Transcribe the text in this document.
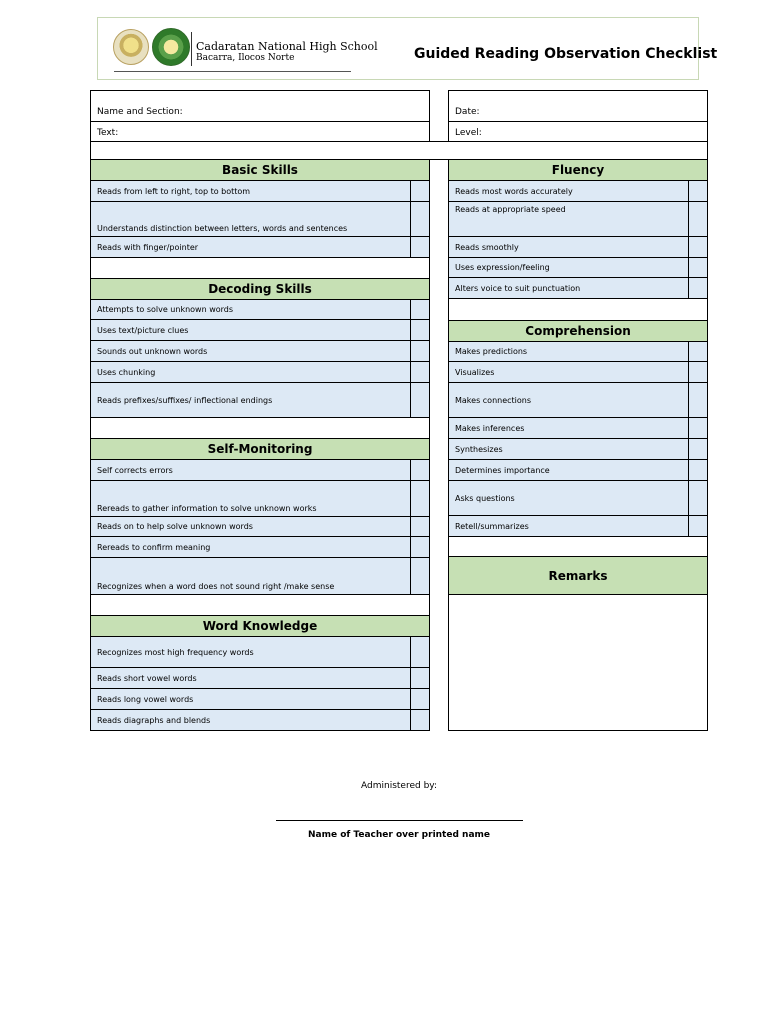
Cadaratan National High School
Bacarra, Ilocos Norte	Guided Reading Observation Checklist
Name and Section:	Date:
Text:	Level:
Basic Skills
Reads from left to right, top to bottom
Understands distinction between letters, words and sentences
Reads with finger/pointer
Decoding Skills
Attempts to solve unknown words
Uses text/picture clues
Sounds out unknown words
Uses chunking
Reads prefixes/suffixes/ inflectional endings
Self-Monitoring
Self corrects errors
Rereads to gather information to solve unknown works
Reads on to help solve unknown words
Rereads to confirm meaning
Recognizes when a word does not sound right /make sense
Word Knowledge
Recognizes most high frequency words
Reads short vowel words
Reads long vowel words
Reads diagraphs and blends
Fluency
Reads most words accurately
Reads at appropriate speed
Reads smoothly
Uses expression/feeling
Alters voice to suit punctuation
Comprehension
Makes predictions
Visualizes
Makes connections
Makes inferences
Synthesizes
Determines importance
Asks questions
Retell/summarizes
Remarks
Administered by:
Name of Teacher over printed name
